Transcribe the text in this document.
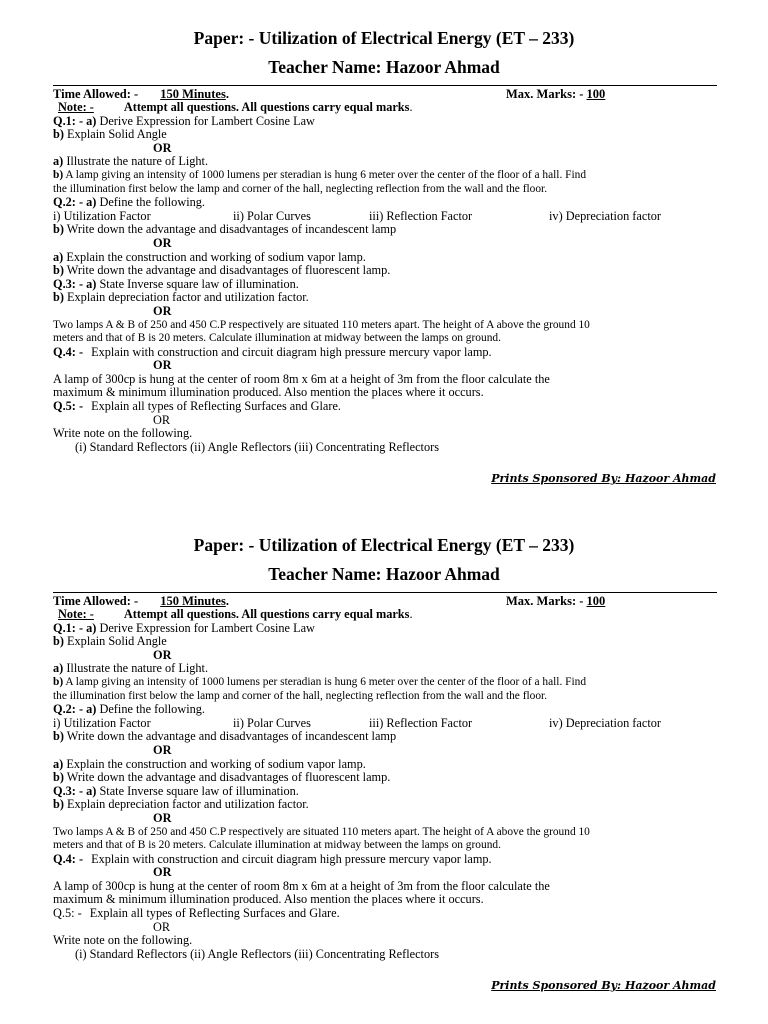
Paper: - Utilization of Electrical Energy (ET – 233)
Teacher Name: Hazoor Ahmad
Time Allowed: - 150 Minutes.	Max. Marks: - 100
Note: - Attempt all questions. All questions carry equal marks.
Q.1: - a) Derive Expression for Lambert Cosine Law
b) Explain Solid Angle
OR
a) Illustrate the nature of Light.
b) A lamp giving an intensity of 1000 lumens per steradian is hung 6 meter over the center of the floor of a hall. Find
the illumination first below the lamp and corner of the hall, neglecting reflection from the wall and the floor.
Q.2: - a) Define the following.
i) Utilization Factor	ii) Polar Curves	iii) Reflection Factor	iv) Depreciation factor
b) Write down the advantage and disadvantages of incandescent lamp
OR
a) Explain the construction and working of sodium vapor lamp.
b) Write down the advantage and disadvantages of fluorescent lamp.
Q.3: - a) State Inverse square law of illumination.
b) Explain depreciation factor and utilization factor.
OR
Two lamps A & B of 250 and 450 C.P respectively are situated 110 meters apart. The height of A above the ground 10
meters and that of B is 20 meters. Calculate illumination at midway between the lamps on ground.
Q.4: - Explain with construction and circuit diagram high pressure mercury vapor lamp.
OR
A lamp of 300cp is hung at the center of room 8m x 6m at a height of 3m from the floor calculate the
maximum & minimum illumination produced. Also mention the places where it occurs.
Q.5: - Explain all types of Reflecting Surfaces and Glare.
OR
Write note on the following.
(i) Standard Reflectors (ii) Angle Reflectors (iii) Concentrating Reflectors
Prints Sponsored By: Hazoor Ahmad
Paper: - Utilization of Electrical Energy (ET – 233)
Teacher Name: Hazoor Ahmad
Time Allowed: - 150 Minutes.	Max. Marks: - 100
Note: - Attempt all questions. All questions carry equal marks.
Q.1: - a) Derive Expression for Lambert Cosine Law
b) Explain Solid Angle
OR
a) Illustrate the nature of Light.
b) A lamp giving an intensity of 1000 lumens per steradian is hung 6 meter over the center of the floor of a hall. Find
the illumination first below the lamp and corner of the hall, neglecting reflection from the wall and the floor.
Q.2: - a) Define the following.
i) Utilization Factor	ii) Polar Curves	iii) Reflection Factor	iv) Depreciation factor
b) Write down the advantage and disadvantages of incandescent lamp
OR
a) Explain the construction and working of sodium vapor lamp.
b) Write down the advantage and disadvantages of fluorescent lamp.
Q.3: - a) State Inverse square law of illumination.
b) Explain depreciation factor and utilization factor.
OR
Two lamps A & B of 250 and 450 C.P respectively are situated 110 meters apart. The height of A above the ground 10
meters and that of B is 20 meters. Calculate illumination at midway between the lamps on ground.
Q.4: - Explain with construction and circuit diagram high pressure mercury vapor lamp.
OR
A lamp of 300cp is hung at the center of room 8m x 6m at a height of 3m from the floor calculate the
maximum & minimum illumination produced. Also mention the places where it occurs.
Q.5: - Explain all types of Reflecting Surfaces and Glare.
OR
Write note on the following.
(i) Standard Reflectors (ii) Angle Reflectors (iii) Concentrating Reflectors
Prints Sponsored By: Hazoor Ahmad
